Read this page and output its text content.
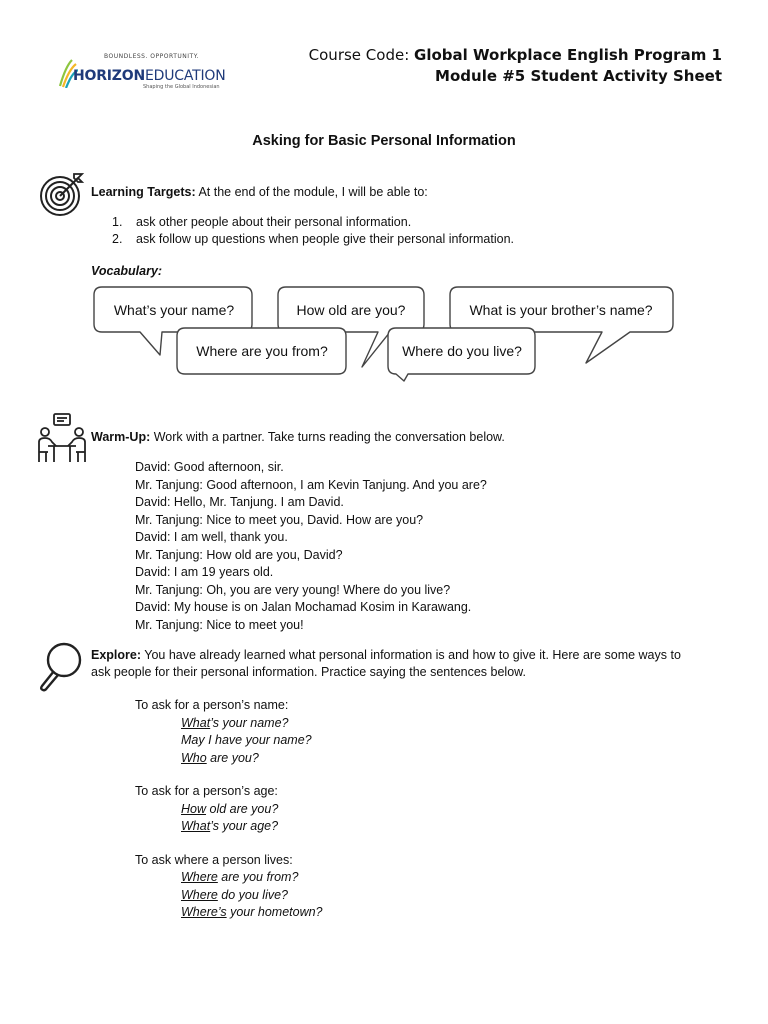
BOUNDLESS. OPPORTUNITY.
HORIZONEDUCATION
Shaping the Global Indonesian
Course Code: Global Workplace English Program 1
Module #5 Student Activity Sheet
Asking for Basic Personal Information
Learning Targets: At the end of the module, I will be able to:
1. ask other people about their personal information.
2. ask follow up questions when people give their personal information.
Vocabulary:
What’s your name?	How old are you?	What is your brother’s name?
Where are you from?	Where do you live?
Warm-Up: Work with a partner. Take turns reading the conversation below.
David: Good afternoon, sir.
Mr. Tanjung: Good afternoon, I am Kevin Tanjung. And you are?
David: Hello, Mr. Tanjung. I am David.
Mr. Tanjung: Nice to meet you, David. How are you?
David: I am well, thank you.
Mr. Tanjung: How old are you, David?
David: I am 19 years old.
Mr. Tanjung: Oh, you are very young! Where do you live?
David: My house is on Jalan Mochamad Kosim in Karawang.
Mr. Tanjung: Nice to meet you!
Explore: You have already learned what personal information is and how to give it. Here are some ways to ask people for their personal information. Practice saying the sentences below.
To ask for a person’s name:
What’s your name?
May I have your name?
Who are you?
To ask for a person’s age:
How old are you?
What’s your age?
To ask where a person lives:
Where are you from?
Where do you live?
Where’s your hometown?
